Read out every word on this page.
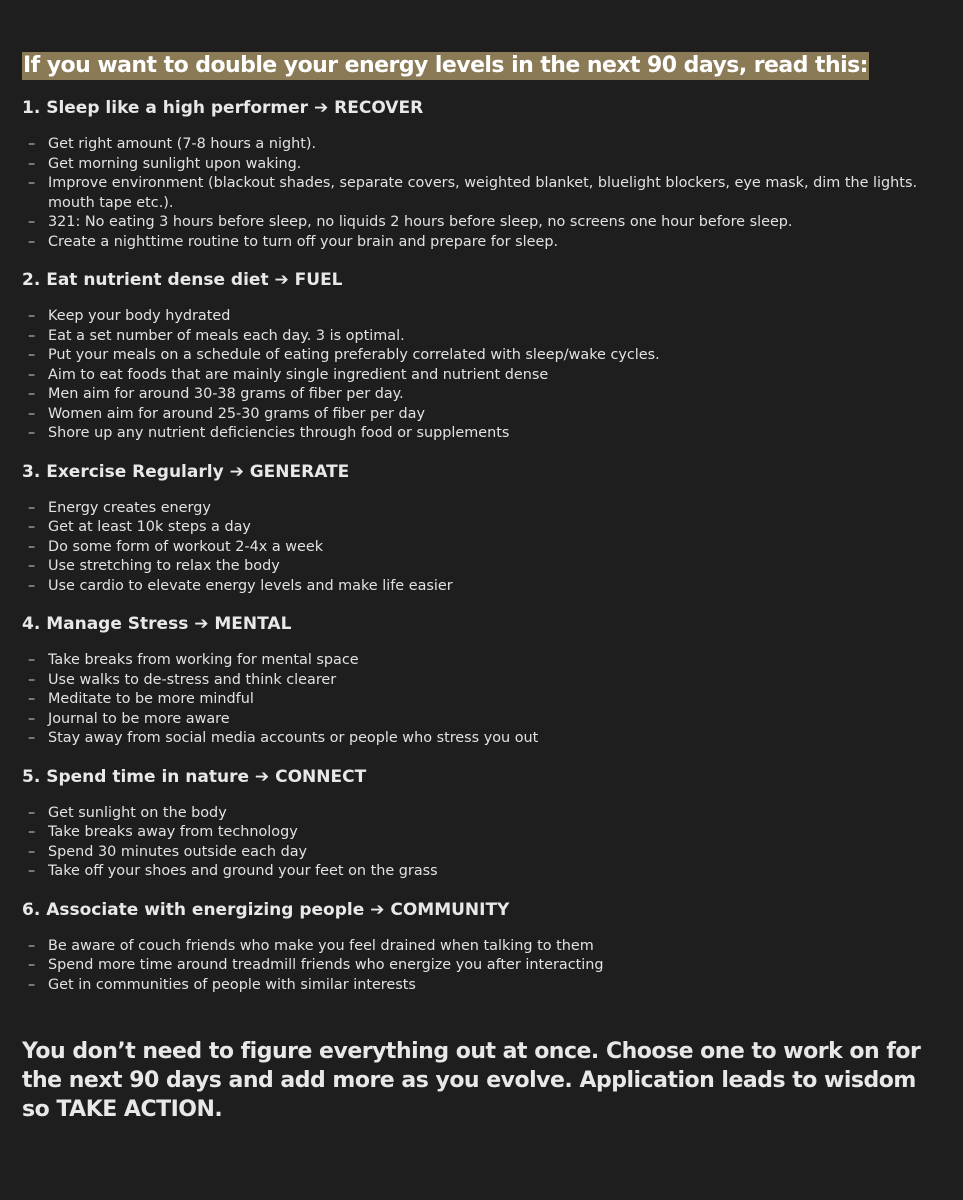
If you want to double your energy levels in the next 90 days, read this:
1. Sleep like a high performer ➔ RECOVER
– Get right amount (7-8 hours a night).
– Get morning sunlight upon waking.
– Improve environment (blackout shades, separate covers, weighted blanket, bluelight blockers, eye mask, dim the lights. mouth tape etc.).
– 321: No eating 3 hours before sleep, no liquids 2 hours before sleep, no screens one hour before sleep.
– Create a nighttime routine to turn off your brain and prepare for sleep.
2. Eat nutrient dense diet ➔ FUEL
– Keep your body hydrated
– Eat a set number of meals each day. 3 is optimal.
– Put your meals on a schedule of eating preferably correlated with sleep/wake cycles.
– Aim to eat foods that are mainly single ingredient and nutrient dense
– Men aim for around 30-38 grams of fiber per day.
– Women aim for around 25-30 grams of fiber per day
– Shore up any nutrient deficiencies through food or supplements
3. Exercise Regularly ➔ GENERATE
– Energy creates energy
– Get at least 10k steps a day
– Do some form of workout 2-4x a week
– Use stretching to relax the body
– Use cardio to elevate energy levels and make life easier
4. Manage Stress ➔ MENTAL
– Take breaks from working for mental space
– Use walks to de-stress and think clearer
– Meditate to be more mindful
– Journal to be more aware
– Stay away from social media accounts or people who stress you out
5. Spend time in nature ➔ CONNECT
– Get sunlight on the body
– Take breaks away from technology
– Spend 30 minutes outside each day
– Take off your shoes and ground your feet on the grass
6. Associate with energizing people ➔ COMMUNITY
– Be aware of couch friends who make you feel drained when talking to them
– Spend more time around treadmill friends who energize you after interacting
– Get in communities of people with similar interests
You don’t need to figure everything out at once. Choose one to work on for the next 90 days and add more as you evolve. Application leads to wisdom so TAKE ACTION.
